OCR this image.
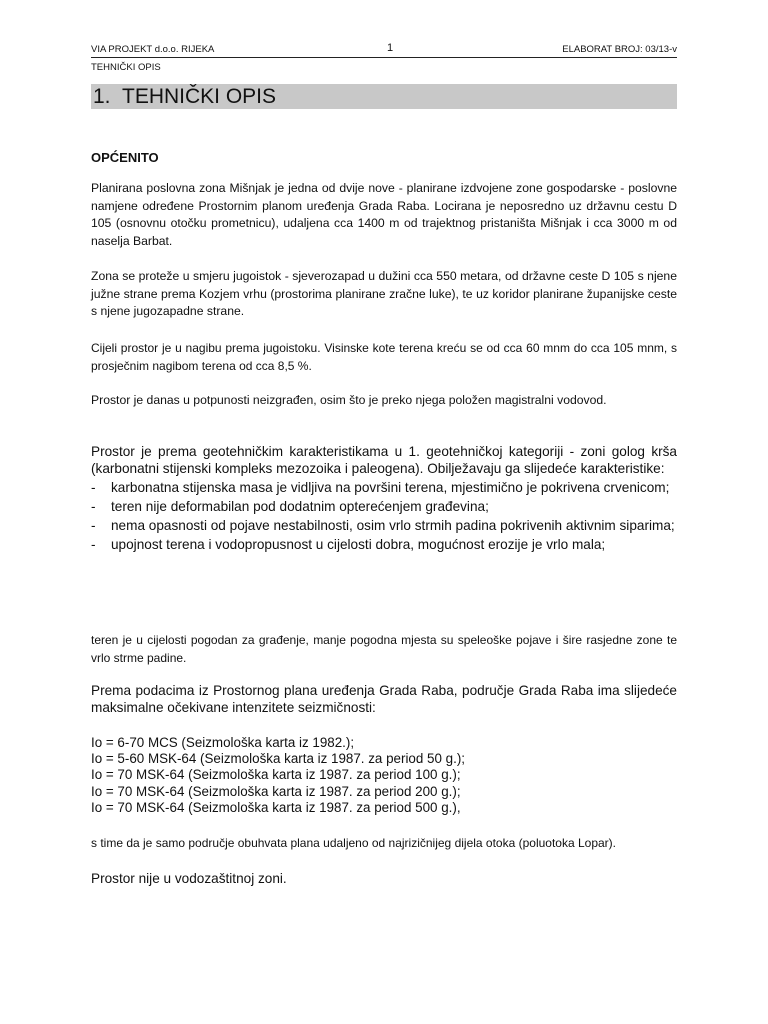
VIA PROJEKT d.o.o. RIJEKA	1	ELABORAT BROJ: 03/13-v
TEHNIČKI OPIS
1. TEHNIČKI OPIS
OPĆENITO

Planirana poslovna zona Mišnjak je jedna od dvije nove - planirane izdvojene zone gospodarske - poslovne namjene određene Prostornim planom uređenja Grada Raba. Locirana je neposredno uz državnu cestu D 105 (osnovnu otočku prometnicu), udaljena cca 1400 m od trajektnog pristaništa Mišnjak i cca 3000 m od naselja Barbat.

Zona se proteže u smjeru jugoistok - sjeverozapad u dužini cca 550 metara, od državne ceste D 105 s njene južne strane prema Kozjem vrhu (prostorima planirane zračne luke), te uz koridor planirane županijske ceste s njene jugozapadne strane.

Cijeli prostor je u nagibu prema jugoistoku. Visinske kote terena kreću se od cca 60 mnm do cca 105 mnm, s prosječnim nagibom terena od cca 8,5 %.

Prostor je danas u potpunosti neizgrađen, osim što je preko njega položen magistralni vodovod.

Prostor je prema geotehničkim karakteristikama u 1. geotehničkoj kategoriji - zoni golog krša (karbonatni stijenski kompleks mezozoika i paleogena). Obilježavaju ga slijedeće karakteristike:

- karbonatna stijenska masa je vidljiva na površini terena, mjestimično je pokrivena crvenicom;
- teren nije deformabilan pod dodatnim opterećenjem građevina;
- nema opasnosti od pojave nestabilnosti, osim vrlo strmih padina pokrivenih aktivnim siparima;
- upojnost terena i vodopropusnost u cijelosti dobra, mogućnost erozije je vrlo mala;

teren je u cijelosti pogodan za građenje, manje pogodna mjesta su speleoške pojave i šire rasjedne zone te vrlo strme padine.

Prema podacima iz Prostornog plana uređenja Grada Raba, područje Grada Raba ima slijedeće maksimalne očekivane intenzitete seizmičnosti:

Io = 6-70 MCS (Seizmološka karta iz 1982.);
Io = 5-60 MSK-64 (Seizmološka karta iz 1987. za period 50 g.);
Io = 70 MSK-64 (Seizmološka karta iz 1987. za period 100 g.);
Io = 70 MSK-64 (Seizmološka karta iz 1987. za period 200 g.);
Io = 70 MSK-64 (Seizmološka karta iz 1987. za period 500 g.),

s time da je samo područje obuhvata plana udaljeno od najrizičnijeg dijela otoka (poluotoka Lopar).

Prostor nije u vodozaštitnoj zoni.
